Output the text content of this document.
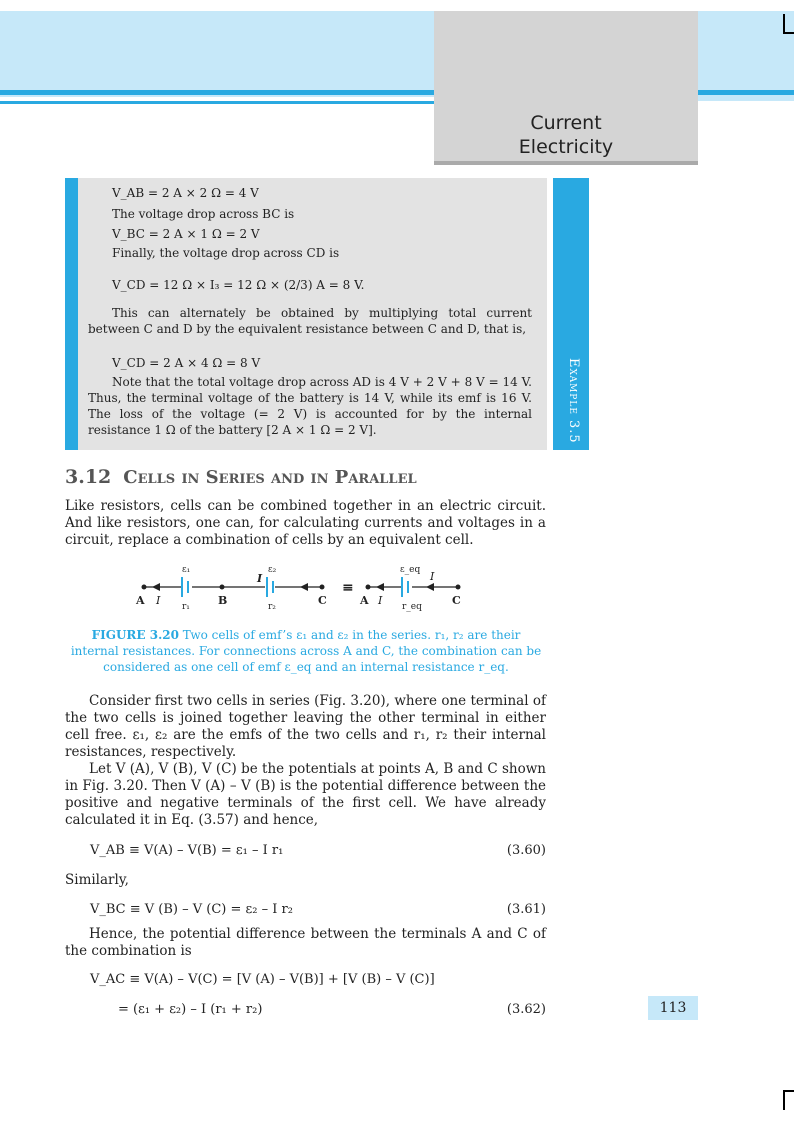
Current
Electricity
Example 3.5
V_AB = 2 A × 2 Ω = 4 V
The voltage drop across BC is
V_BC = 2 A × 1 Ω = 2 V
Finally, the voltage drop across CD is
V_CD = 12 Ω × I₃ = 12 Ω × (2/3) A = 8 V.
This can alternately be obtained by multiplying total current between C and D by the equivalent resistance between C and D, that is,
V_CD = 2 A × 4 Ω = 8 V
Note that the total voltage drop across AD is 4 V + 2 V + 8 V = 14 V. Thus, the terminal voltage of the battery is 14 V, while its emf is 16 V. The loss of the voltage (= 2 V) is accounted for by the internal resistance 1 Ω of the battery [2 A × 1 Ω = 2 V].
3.12 Cells in Series and in Parallel
Like resistors, cells can be combined together in an electric circuit. And like resistors, one can, for calculating currents and voltages in a circuit, replace a combination of cells by an equivalent cell.
A I	B	C
ε₁
r₁
ε₂
r₂
I
≡
A I
ε_eq
r_eq
I
C
FIGURE 3.20 Two cells of emf’s ε₁ and ε₂ in the series. r₁, r₂ are their internal resistances. For connections across A and C, the combination can be considered as one cell of emf ε_eq and an internal resistance r_eq.
Consider first two cells in series (Fig. 3.20), where one terminal of the two cells is joined together leaving the other terminal in either cell free. ε₁, ε₂ are the emfs of the two cells and r₁, r₂ their internal resistances, respectively.
Let V (A), V (B), V (C) be the potentials at points A, B and C shown in Fig. 3.20. Then V (A) – V (B) is the potential difference between the positive and negative terminals of the first cell. We have already calculated it in Eq. (3.57) and hence,
V_AB ≡ V(A) – V(B) = ε₁ – I r₁	(3.60)
Similarly,
V_BC ≡ V (B) – V (C) = ε₂ – I r₂	(3.61)
Hence, the potential difference between the terminals A and C of the combination is
V_AC ≡ V(A) – V(C) = [V (A) – V(B)] + [V (B) – V (C)]
= (ε₁ + ε₂) – I (r₁ + r₂)	(3.62)	113
